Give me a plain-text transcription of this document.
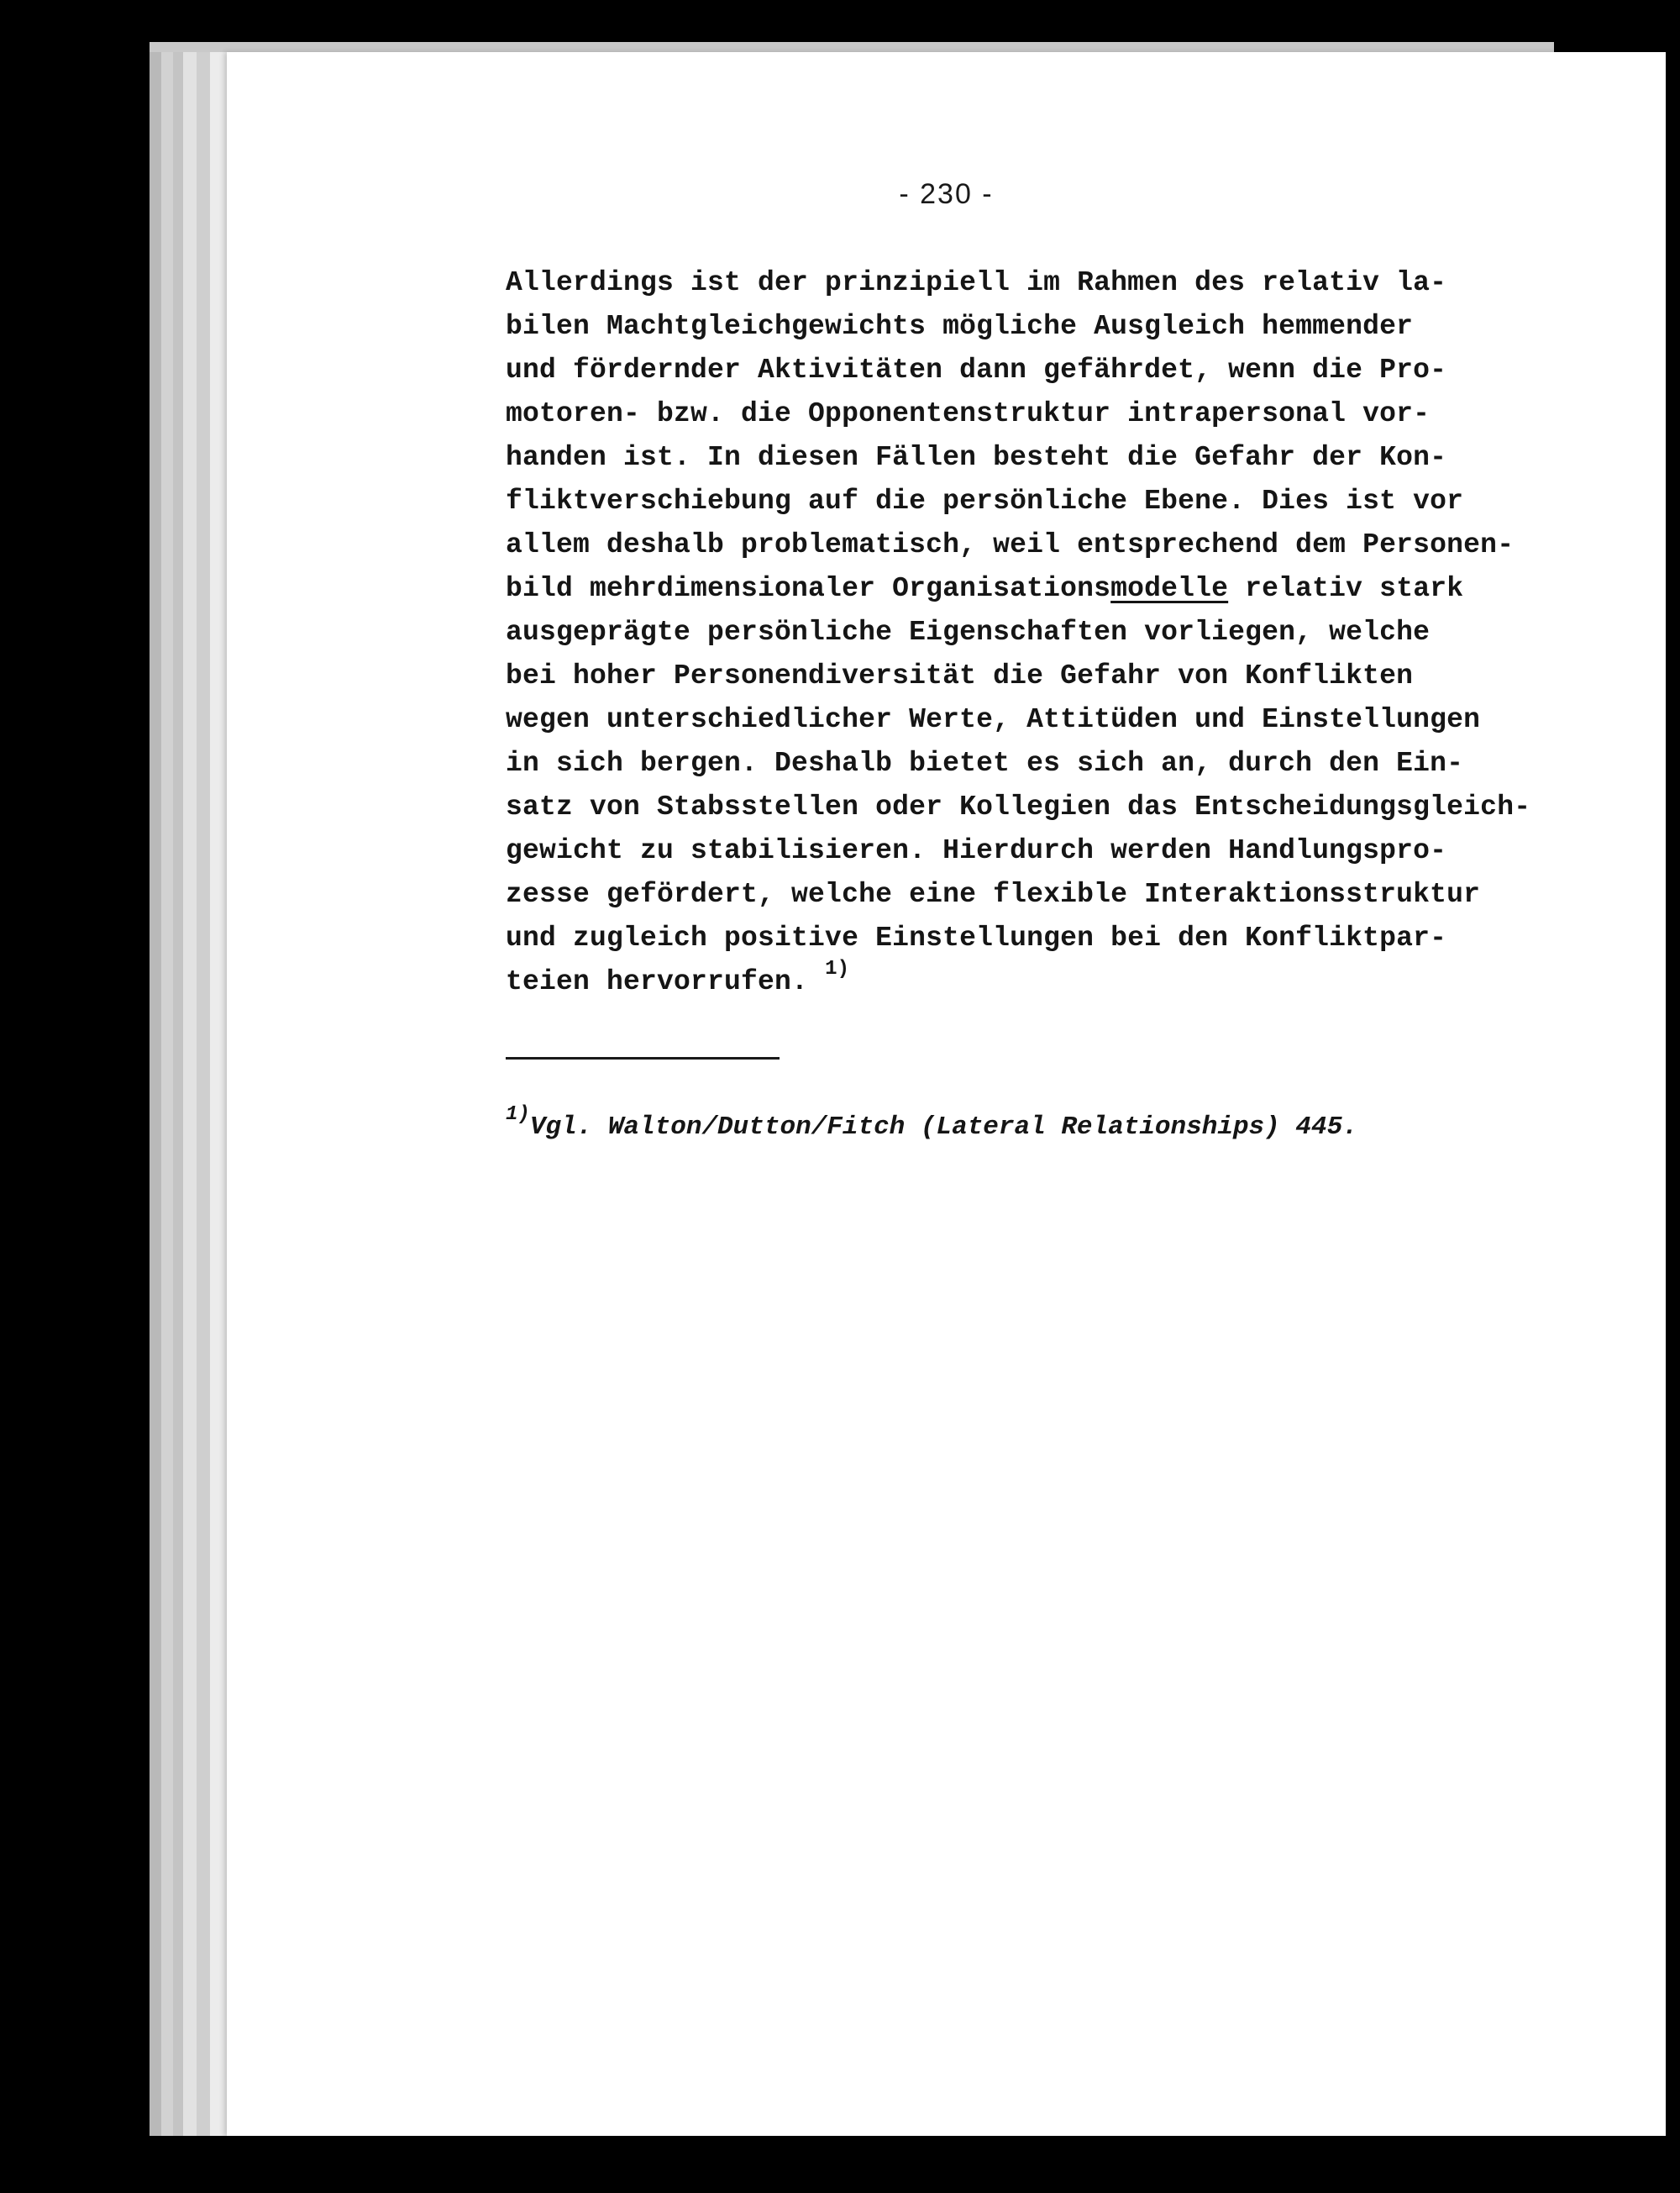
- 230 -
Allerdings ist der prinzipiell im Rahmen des relativ la-
bilen Machtgleichgewichts mögliche Ausgleich hemmender
und fördernder Aktivitäten dann gefährdet, wenn die Pro-
motoren- bzw. die Opponentenstruktur intrapersonal vor-
handen ist. In diesen Fällen besteht die Gefahr der Kon-
fliktverschiebung auf die persönliche Ebene. Dies ist vor
allem deshalb problematisch, weil entsprechend dem Personen-
bild mehrdimensionaler Organisationsmodelle relativ stark
ausgeprägte persönliche Eigenschaften vorliegen, welche
bei hoher Personendiversität die Gefahr von Konflikten
wegen unterschiedlicher Werte, Attitüden und Einstellungen
in sich bergen. Deshalb bietet es sich an, durch den Ein-
satz von Stabsstellen oder Kollegien das Entscheidungsgleich-
gewicht zu stabilisieren. Hierdurch werden Handlungspro-
zesse gefördert, welche eine flexible Interaktionsstruktur
und zugleich positive Einstellungen bei den Konfliktpar-
teien hervorrufen. $^{1)}$
$^{1)}$Vgl. Walton/Dutton/Fitch (Lateral Relationships) 445.
